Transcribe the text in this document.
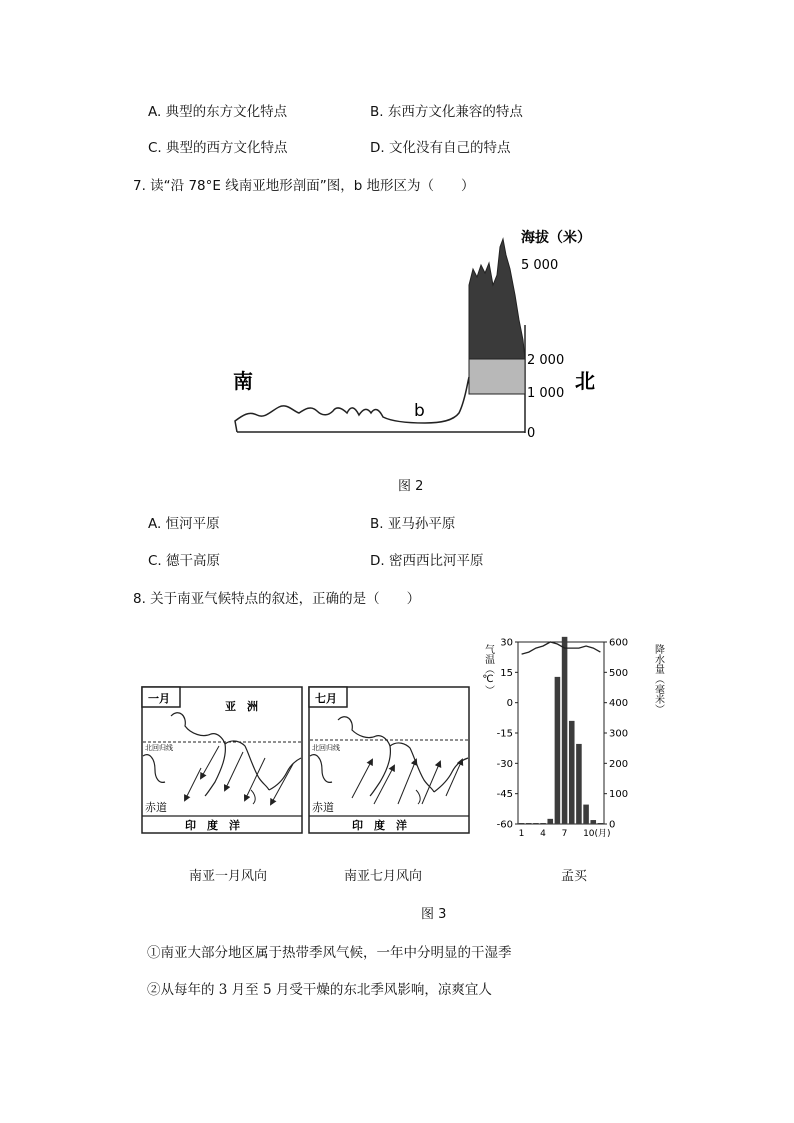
A. 典型的东方文化特点	B. 东西方文化兼容的特点
C. 典型的西方文化特点	D. 文化没有自己的特点
7. 读“沿 78°E 线南亚地形剖面”图，b 地形区为（　　）
海拔（米）
5 000
2 000
1 000
0
南	北
b
图 2
A. 恒河平原	B. 亚马孙平原
C. 德干高原	D. 密西西比河平原
8. 关于南亚气候特点的叙述，正确的是（　　）
一月
亚　洲
北回归线
赤道
印　度　洋
南亚一月风向
七月
北回归线
赤道
印　度　洋
南亚七月风向
气温（℃）	降水量（毫米）
30
15
0
-15
-30
-45
-60
600
500
400
300
200
100
0
1 4 7 10(月)
孟买
图 3
①南亚大部分地区属于热带季风气候，一年中分明显的干湿季
②从每年的 3 月至 5 月受干燥的东北季风影响，凉爽宜人
